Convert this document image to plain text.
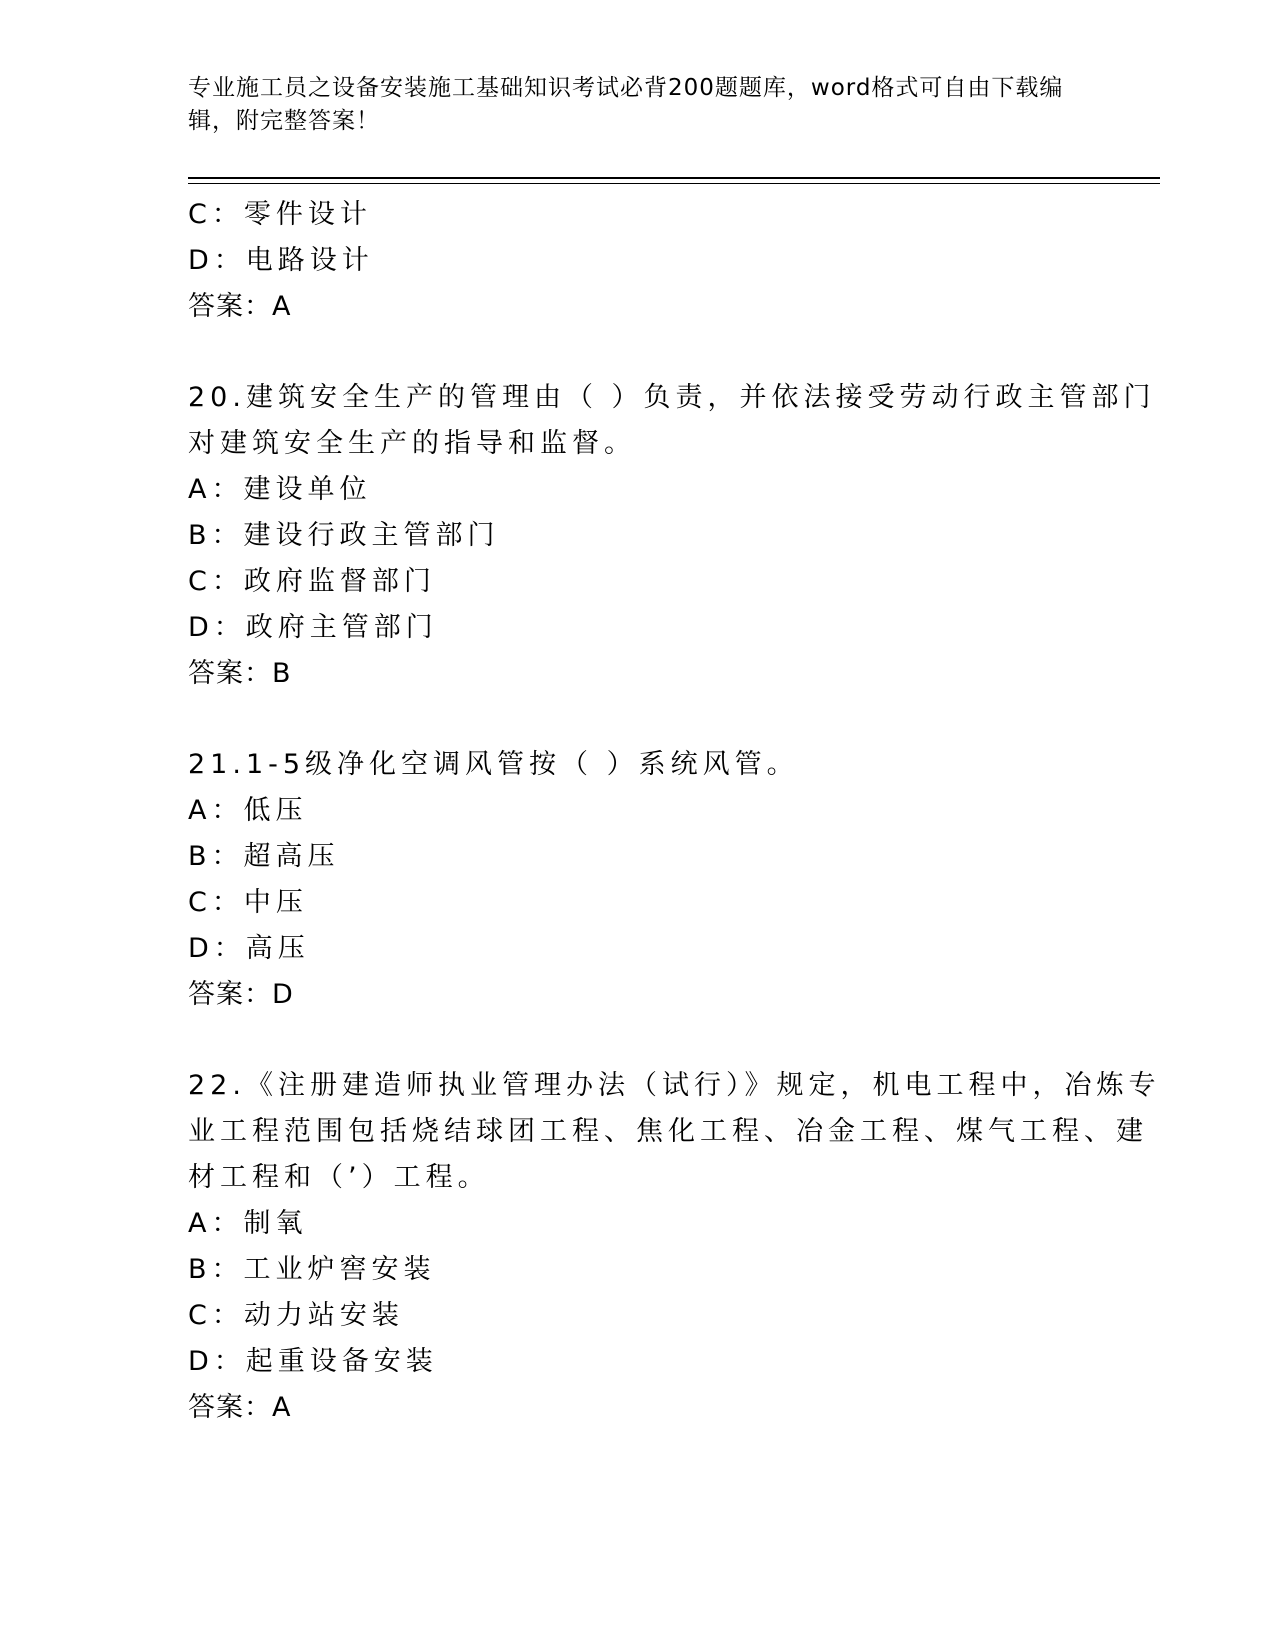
专业施工员之设备安装施工基础知识考试必背200题题库，word格式可自由下载编辑，附完整答案！
C：零件设计
D：电路设计
答案：A
20.建筑安全生产的管理由（ ）负责，并依法接受劳动行政主管部门
对建筑安全生产的指导和监督。
A：建设单位
B：建设行政主管部门
C：政府监督部门
D：政府主管部门
答案：B
21.1-5级净化空调风管按（ ）系统风管。
A：低压
B：超高压
C：中压
D：高压
答案：D
22.《注册建造师执业管理办法（试行）》规定，机电工程中，冶炼专
业工程范围包括烧结球团工程、焦化工程、冶金工程、煤气工程、建
材工程和（’）工程。
A：制氧
B：工业炉窖安装
C：动力站安装
D：起重设备安装
答案：A
